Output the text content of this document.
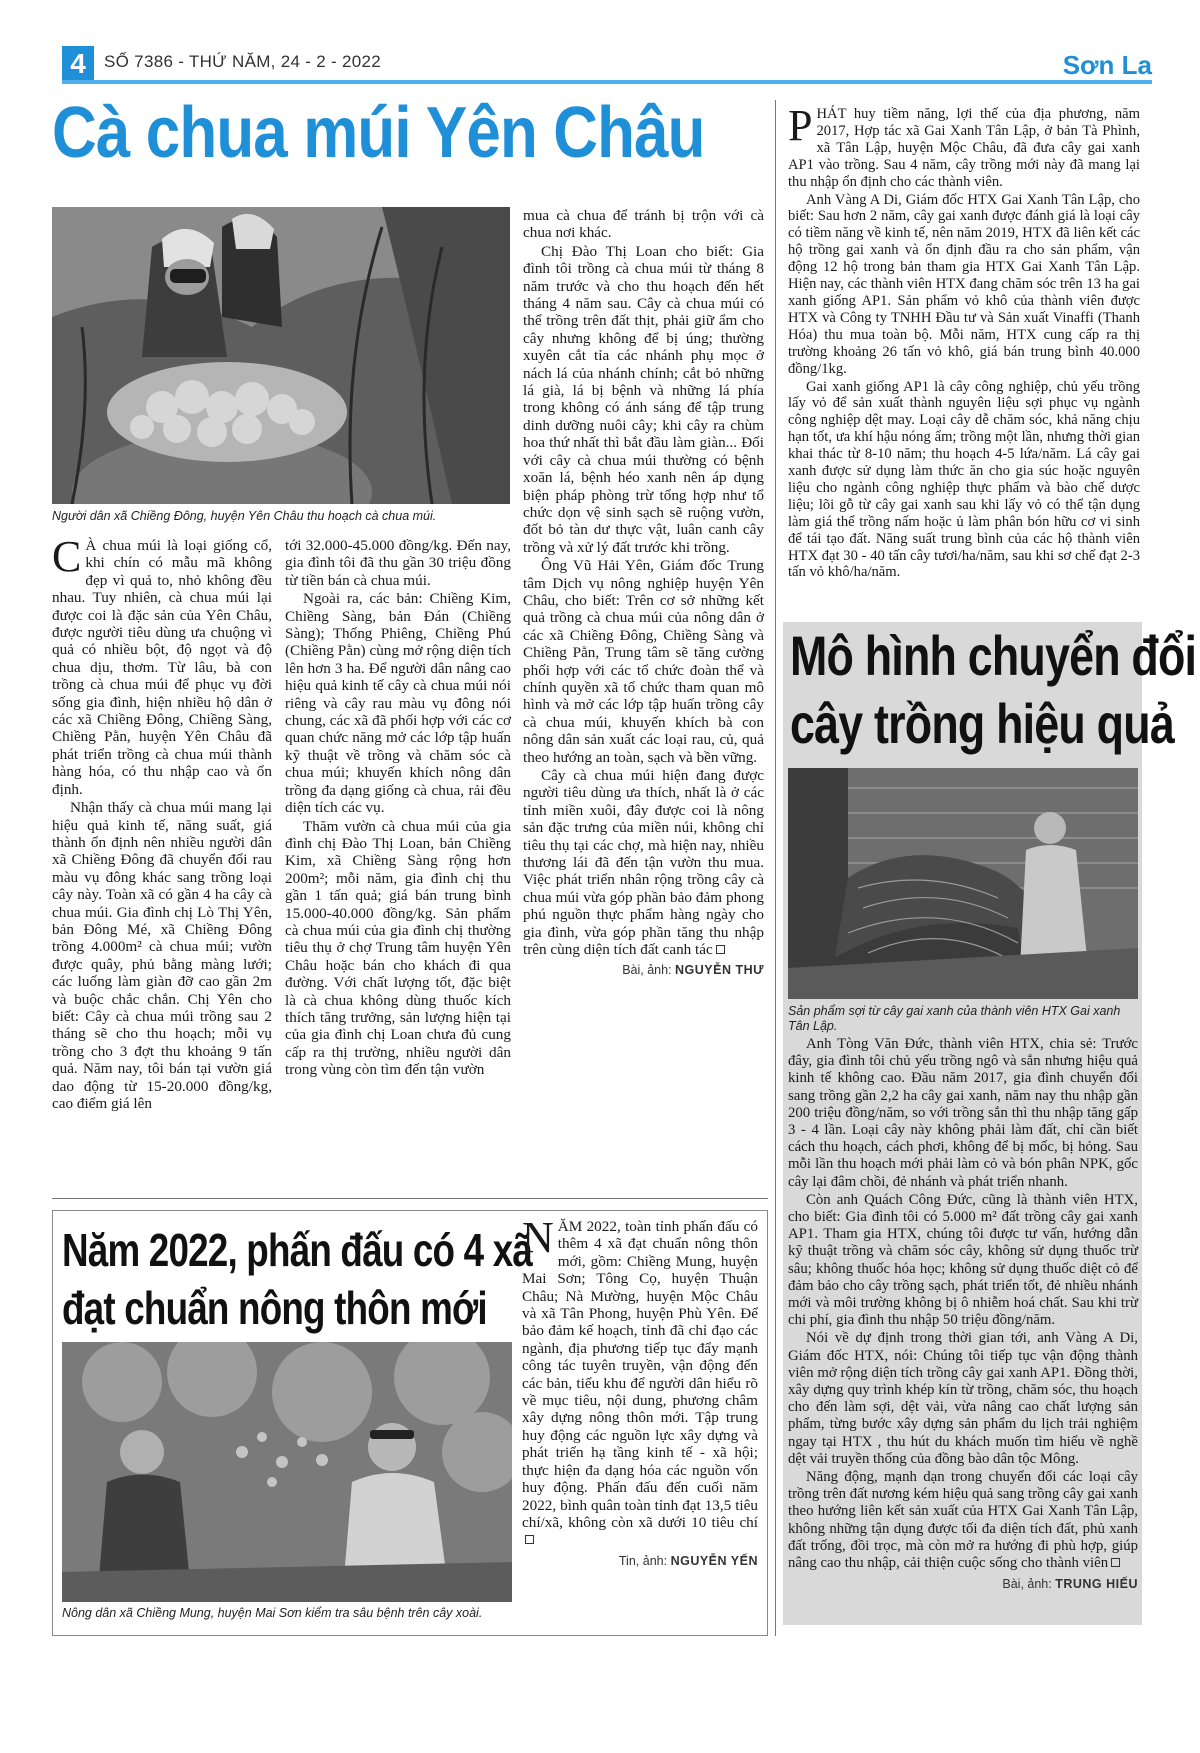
4	SỐ 7386 - THỨ NĂM, 24 - 2 - 2022	Sơn La
Cà chua múi Yên Châu
Người dân xã Chiềng Đông, huyện Yên Châu thu hoạch cà chua múi.

C À chua múi là loại giống cổ, khi chín có mẫu mã không đẹp vì quả to, nhỏ không đều nhau. Tuy nhiên, cà chua múi lại được coi là đặc sản của Yên Châu, được người tiêu dùng ưa chuộng vì quả có nhiều bột, độ ngọt và độ chua dịu, thơm. Từ lâu, bà con trồng cà chua múi để phục vụ đời sống gia đình, hiện nhiều hộ dân ở các xã Chiềng Đông, Chiềng Sàng, Chiềng Pằn, huyện Yên Châu đã phát triển trồng cà chua múi thành hàng hóa, có thu nhập cao và ổn định.

Nhận thấy cà chua múi mang lại hiệu quả kinh tế, năng suất, giá thành ổn định nên nhiều người dân xã Chiềng Đông đã chuyển đổi rau màu vụ đông khác sang trồng loại cây này. Toàn xã có gần 4 ha cây cà chua múi. Gia đình chị Lò Thị Yên, bản Đông Mé, xã Chiềng Đông trồng 4.000m² cà chua múi; vườn được quây, phủ bằng màng lưới; các luống làm giàn đỡ cao gần 2m và buộc chắc chắn. Chị Yên cho biết: Cây cà chua múi trồng sau 2 tháng sẽ cho thu hoạch; mỗi vụ trồng cho 3 đợt thu khoảng 9 tấn quả. Năm nay, tôi bán tại vườn giá dao động từ 15-20.000 đồng/kg, cao điểm giá lên

tới 32.000-45.000 đồng/kg. Đến nay, gia đình tôi đã thu gần 30 triệu đồng từ tiền bán cà chua múi.

Ngoài ra, các bản: Chiềng Kim, Chiềng Sàng, bản Đán (Chiềng Sàng); Thống Phiêng, Chiềng Phú (Chiềng Pằn) cùng mở rộng diện tích lên hơn 3 ha. Để người dân nâng cao hiệu quả kinh tế cây cà chua múi nói riêng và cây rau màu vụ đông nói chung, các xã đã phối hợp với các cơ quan chức năng mở các lớp tập huấn kỹ thuật về trồng và chăm sóc cà chua múi; khuyến khích nông dân trồng đa dạng giống cà chua, rải đều diện tích các vụ.

Thăm vườn cà chua múi của gia đình chị Đào Thị Loan, bản Chiềng Kim, xã Chiềng Sàng rộng hơn 200m²; mỗi năm, gia đình chị thu gần 1 tấn quả; giá bán trung bình 15.000-40.000 đồng/kg. Sản phẩm cà chua múi của gia đình chị thường tiêu thụ ở chợ Trung tâm huyện Yên Châu hoặc bán cho khách đi qua đường. Với chất lượng tốt, đặc biệt là cà chua không dùng thuốc kích thích tăng trưởng, sản lượng hiện tại của gia đình chị Loan chưa đủ cung cấp ra thị trường, nhiều người dân trong vùng còn tìm đến tận vườn

mua cà chua để tránh bị trộn với cà chua nơi khác.

Chị Đào Thị Loan cho biết: Gia đình tôi trồng cà chua múi từ tháng 8 năm trước và cho thu hoạch đến hết tháng 4 năm sau. Cây cà chua múi có thể trồng trên đất thịt, phải giữ ẩm cho cây nhưng không để bị úng; thường xuyên cắt tỉa các nhánh phụ mọc ở nách lá của nhánh chính; cắt bỏ những lá già, lá bị bệnh và những lá phía trong không có ánh sáng để tập trung dinh dưỡng nuôi cây; khi cây ra chùm hoa thứ nhất thì bắt đầu làm giàn... Đối với cây cà chua múi thường có bệnh xoăn lá, bệnh héo xanh nên áp dụng biện pháp phòng trừ tổng hợp như tổ chức dọn vệ sinh sạch sẽ ruộng vườn, đốt bỏ tàn dư thực vật, luân canh cây trồng và xử lý đất trước khi trồng.

Ông Vũ Hải Yên, Giám đốc Trung tâm Dịch vụ nông nghiệp huyện Yên Châu, cho biết: Trên cơ sở những kết quả trồng cà chua múi của nông dân ở các xã Chiềng Đông, Chiềng Sàng và Chiềng Pằn, Trung tâm sẽ tăng cường phối hợp với các tổ chức đoàn thể và chính quyền xã tổ chức tham quan mô hình và mở các lớp tập huấn trồng cây cà chua múi, khuyến khích bà con nông dân sản xuất các loại rau, củ, quả theo hướng an toàn, sạch và bền vững.

Cây cà chua múi hiện đang được người tiêu dùng ưa thích, nhất là ở các tỉnh miền xuôi, đây được coi là nông sản đặc trưng của miền núi, không chỉ tiêu thụ tại các chợ, mà hiện nay, nhiều thương lái đã đến tận vườn thu mua. Việc phát triển nhân rộng trồng cây cà chua múi vừa góp phần bảo đảm phong phú nguồn thực phẩm hàng ngày cho gia đình, vừa góp phần tăng thu nhập trên cùng diện tích đất canh tác

Bài, ảnh: NGUYỄN THƯ

PHÁT huy tiềm năng, lợi thế của địa phương, năm 2017, Hợp tác xã Gai Xanh Tân Lập, ở bản Tà Phình, xã Tân Lập, huyện Mộc Châu, đã đưa cây gai xanh AP1 vào trồng. Sau 4 năm, cây trồng mới này đã mang lại thu nhập ổn định cho các thành viên.

Anh Vàng A Di, Giám đốc HTX Gai Xanh Tân Lập, cho biết: Sau hơn 2 năm, cây gai xanh được đánh giá là loại cây có tiềm năng về kinh tế, nên năm 2019, HTX đã liên kết các hộ trồng gai xanh và ổn định đầu ra cho sản phẩm, vận động 12 hộ trong bản tham gia HTX Gai Xanh Tân Lập. Hiện nay, các thành viên HTX đang chăm sóc trên 13 ha gai xanh giống AP1. Sản phẩm vỏ khô của thành viên được HTX và Công ty TNHH Đầu tư và Sản xuất Vinaffi (Thanh Hóa) thu mua toàn bộ. Mỗi năm, HTX cung cấp ra thị trường khoảng 26 tấn vỏ khô, giá bán trung bình 40.000 đồng/1kg.

Gai xanh giống AP1 là cây công nghiệp, chủ yếu trồng lấy vỏ để sản xuất thành nguyên liệu sợi phục vụ ngành công nghiệp dệt may. Loại cây dễ chăm sóc, khả năng chịu hạn tốt, ưa khí hậu nóng ẩm; trồng một lần, nhưng thời gian khai thác từ 8-10 năm; thu hoạch 4-5 lứa/năm. Lá cây gai xanh được sử dụng làm thức ăn cho gia súc hoặc nguyên liệu cho ngành công nghiệp thực phẩm và bào chế dược liệu; lõi gỗ từ cây gai xanh sau khi lấy vỏ có thể tận dụng làm giá thể trồng nấm hoặc ủ làm phân bón hữu cơ vi sinh để tái tạo đất. Năng suất trung bình của các hộ thành viên HTX đạt 30 - 40 tấn cây tươi/ha/năm, sau khi sơ chế đạt 2-3 tấn vỏ khô/ha/năm.

Mô hình chuyển đổi
cây trồng hiệu quả
Sản phẩm sợi từ cây gai xanh của thành viên HTX Gai xanh Tân Lập.

Anh Tòng Văn Đức, thành viên HTX, chia sẻ: Trước đây, gia đình tôi chủ yếu trồng ngô và sắn nhưng hiệu quả kinh tế không cao. Đầu năm 2017, gia đình chuyển đổi sang trồng gần 2,2 ha cây gai xanh, năm nay thu nhập gần 200 triệu đồng/năm, so với trồng sắn thì thu nhập tăng gấp 3 - 4 lần. Loại cây này không phải làm đất, chỉ cần biết cách thu hoạch, cách phơi, không để bị mốc, bị hỏng. Sau mỗi lần thu hoạch mới phải làm cỏ và bón phân NPK, gốc cây lại đâm chồi, đẻ nhánh và phát triển nhanh.

Còn anh Quách Công Đức, cũng là thành viên HTX, cho biết: Gia đình tôi có 5.000 m² đất trồng cây gai xanh AP1. Tham gia HTX, chúng tôi được tư vấn, hướng dẫn kỹ thuật trồng và chăm sóc cây, không sử dụng thuốc trừ sâu; không thuốc hóa học; không sử dụng thuốc diệt cỏ để đảm bảo cho cây trồng sạch, phát triển tốt, đẻ nhiều nhánh mới và môi trường không bị ô nhiễm hoá chất. Sau khi trừ chi phí, gia đình thu nhập 50 triệu đồng/năm.

Nói về dự định trong thời gian tới, anh Vàng A Di, Giám đốc HTX, nói: Chúng tôi tiếp tục vận động thành viên mở rộng diện tích trồng cây gai xanh AP1. Đồng thời, xây dựng quy trình khép kín từ trồng, chăm sóc, thu hoạch cho đến làm sợi, dệt vải, vừa nâng cao chất lượng sản phẩm, từng bước xây dựng sản phẩm du lịch trải nghiệm ngay tại HTX , thu hút du khách muốn tìm hiểu về nghề dệt vải truyền thống của đồng bào dân tộc Mông.

Năng động, mạnh dạn trong chuyển đổi các loại cây trồng trên đất nương kém hiệu quả sang trồng cây gai xanh theo hướng liên kết sản xuất của HTX Gai Xanh Tân Lập, không những tận dụng được tối đa diện tích đất, phủ xanh đất trống, đồi trọc, mà còn mở ra hướng đi phù hợp, giúp nâng cao thu nhập, cải thiện cuộc sống cho thành viên

Bài, ảnh: TRUNG HIẾU
Năm 2022, phấn đấu có 4 xã
đạt chuẩn nông thôn mới
Nông dân xã Chiềng Mung, huyện Mai Sơn kiểm tra sâu bệnh trên cây xoài.

NĂM 2022, toàn tỉnh phấn đấu có thêm 4 xã đạt chuẩn nông thôn mới, gồm: Chiềng Mung, huyện Mai Sơn; Tông Cọ, huyện Thuận Châu; Nà Mường, huyện Mộc Châu và xã Tân Phong, huyện Phù Yên. Để bảo đảm kế hoạch, tỉnh đã chỉ đạo các ngành, địa phương tiếp tục đẩy mạnh công tác tuyên truyền, vận động đến các bản, tiểu khu để người dân hiểu rõ về mục tiêu, nội dung, phương châm xây dựng nông thôn mới. Tập trung huy động các nguồn lực xây dựng và phát triển hạ tầng kinh tế - xã hội; thực hiện đa dạng hóa các nguồn vốn huy động. Phấn đấu đến cuối năm 2022, bình quân toàn tỉnh đạt 13,5 tiêu chí/xã, không còn xã dưới 10 tiêu chí

Tin, ảnh: NGUYỄN YẾN
